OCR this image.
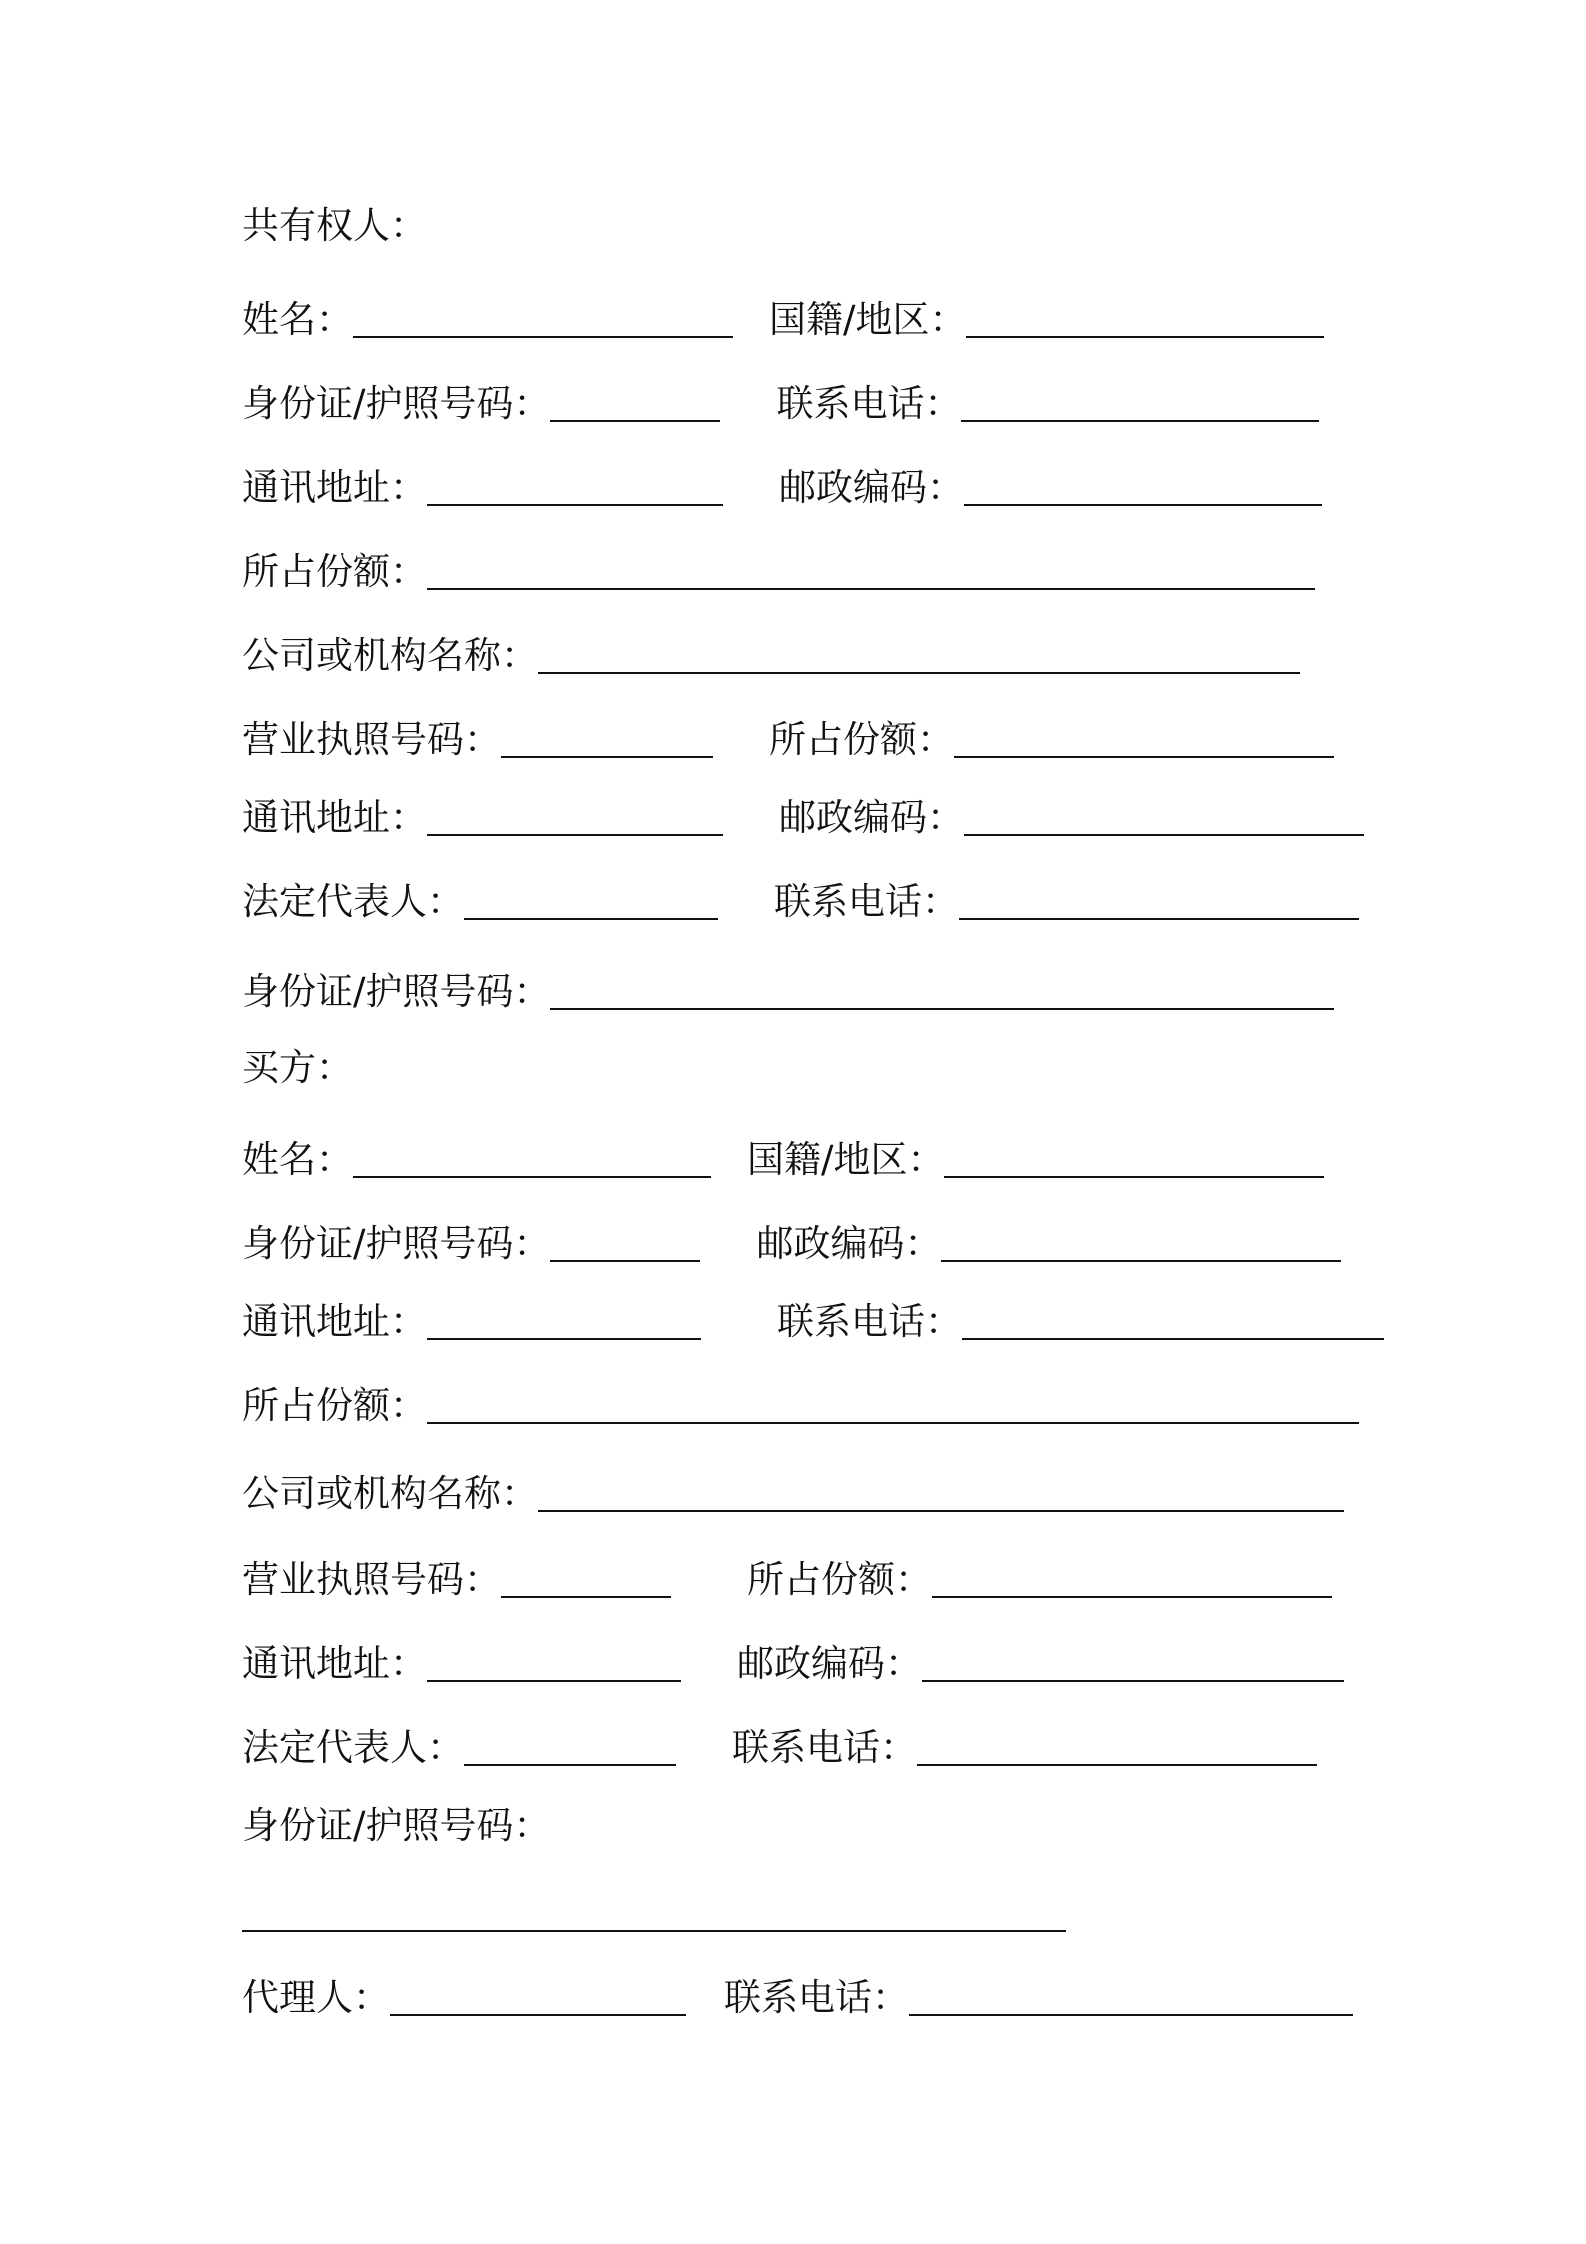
共有权人：
姓名：	国籍/地区：
身份证/护照号码：	联系电话：
通讯地址：	邮政编码：
所占份额：
公司或机构名称：
营业执照号码：	所占份额：
通讯地址：	邮政编码：
法定代表人：	联系电话：
身份证/护照号码：
买方：
姓名：	国籍/地区：
身份证/护照号码：	邮政编码：
通讯地址：	联系电话：
所占份额：
公司或机构名称：
营业执照号码：	所占份额：
通讯地址：	邮政编码：
法定代表人：	联系电话：
身份证/护照号码：
代理人：	联系电话：
